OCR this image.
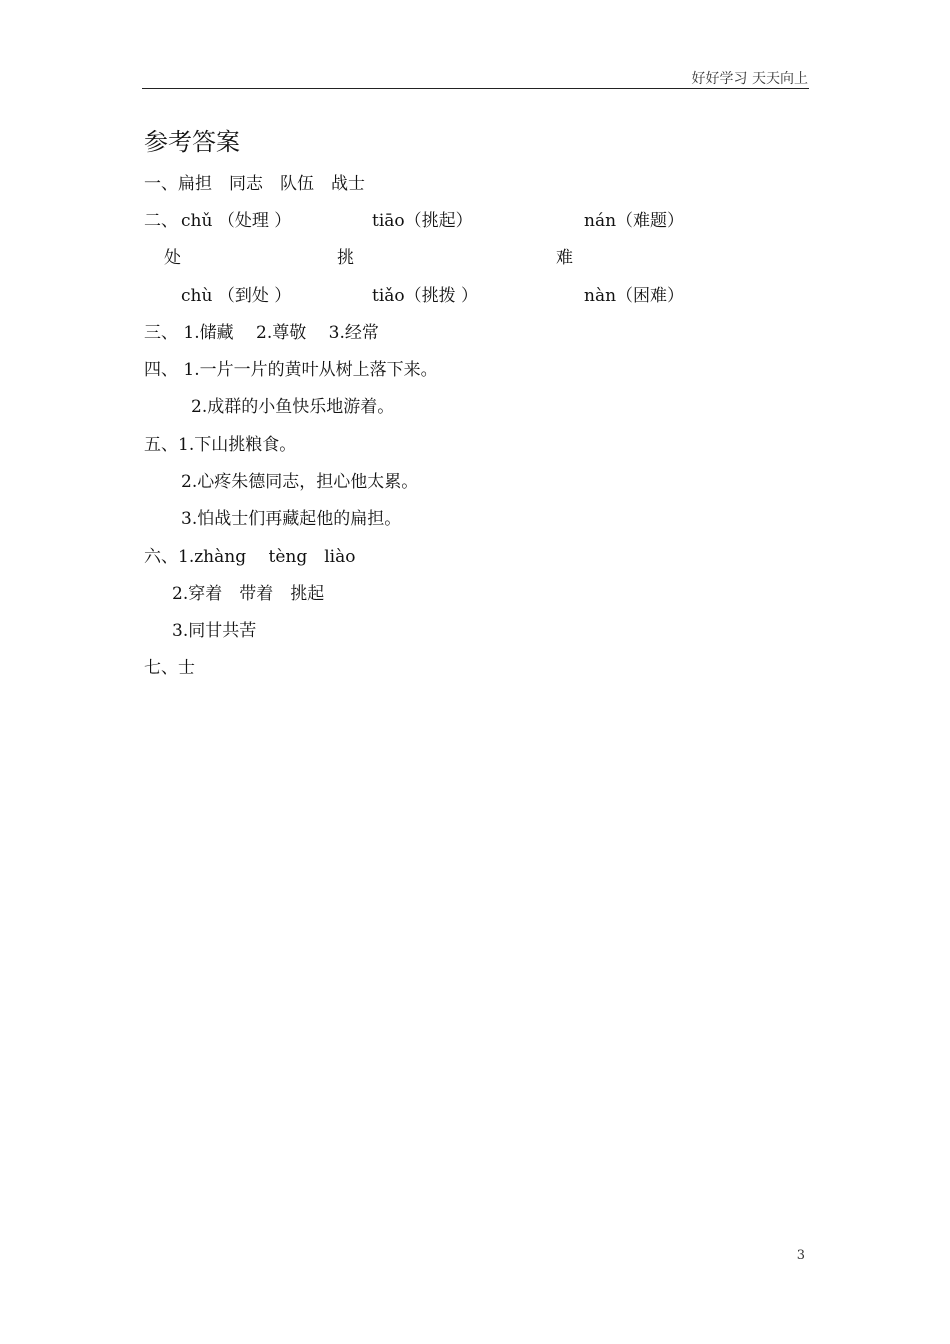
好好学习 天天向上
参考答案
一、扁担　同志　队伍　战士
二、 chǔ （处理 ）	tiāo（挑起）	nán（难题）
处	挑	难
chù （到处 ）	tiǎo（挑拨 ）	nàn（困难）
三、 1.储藏　 2.尊敬　 3.经常
四、 1.一片一片的黄叶从树上落下来。
2.成群的小鱼快乐地游着。
五、1.下山挑粮食。
2.心疼朱德同志，担心他太累。
3.怕战士们再藏起他的扁担。
六、1.zhàng　 tèng　liào
2.穿着　带着　挑起
3.同甘共苦
七、士
3
